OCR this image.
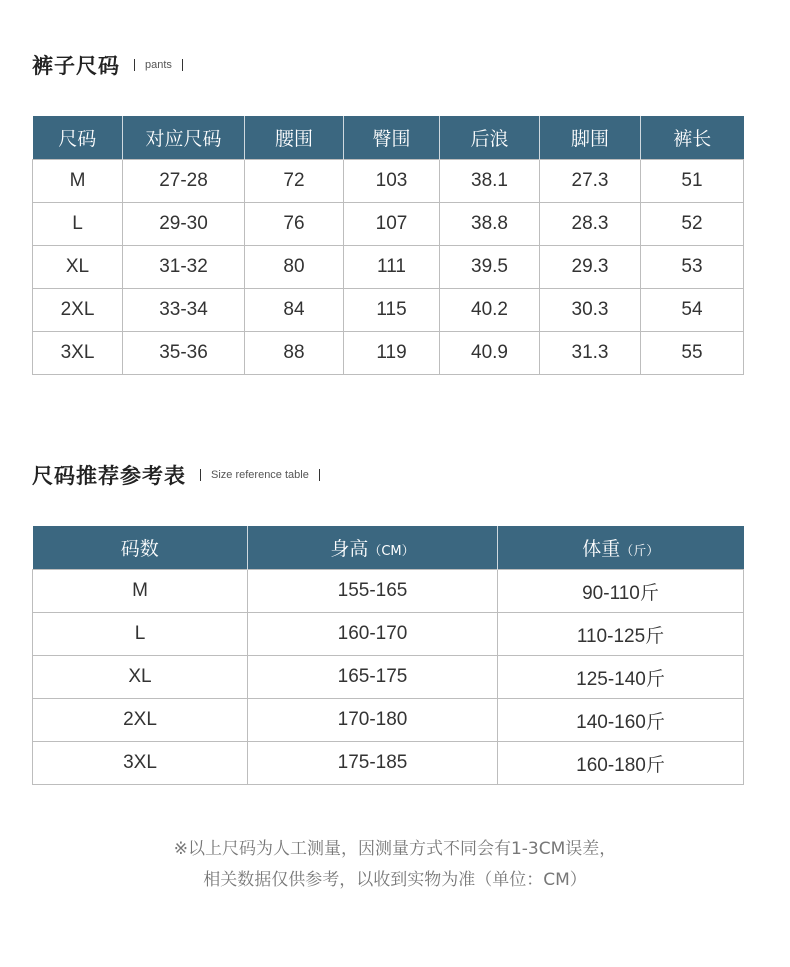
裤子尺码 pants
尺码	对应尺码	腰围	臀围	后浪	脚围	裤长
M	27-28	72	103	38.1	27.3	51
L	29-30	76	107	38.8	28.3	52
XL	31-32	80	111	39.5	29.3	53
2XL	33-34	84	115	40.2	30.3	54
3XL	35-36	88	119	40.9	31.3	55
尺码推荐参考表 Size reference table
码数	身高（CM）	体重（斤）
M	155-165	90-110斤
L	160-170	110-125斤
XL	165-175	125-140斤
2XL	170-180	140-160斤
3XL	175-185	160-180斤
※以上尺码为人工测量，因测量方式不同会有1-3CM误差，
相关数据仅供参考，以收到实物为准（单位：CM）
